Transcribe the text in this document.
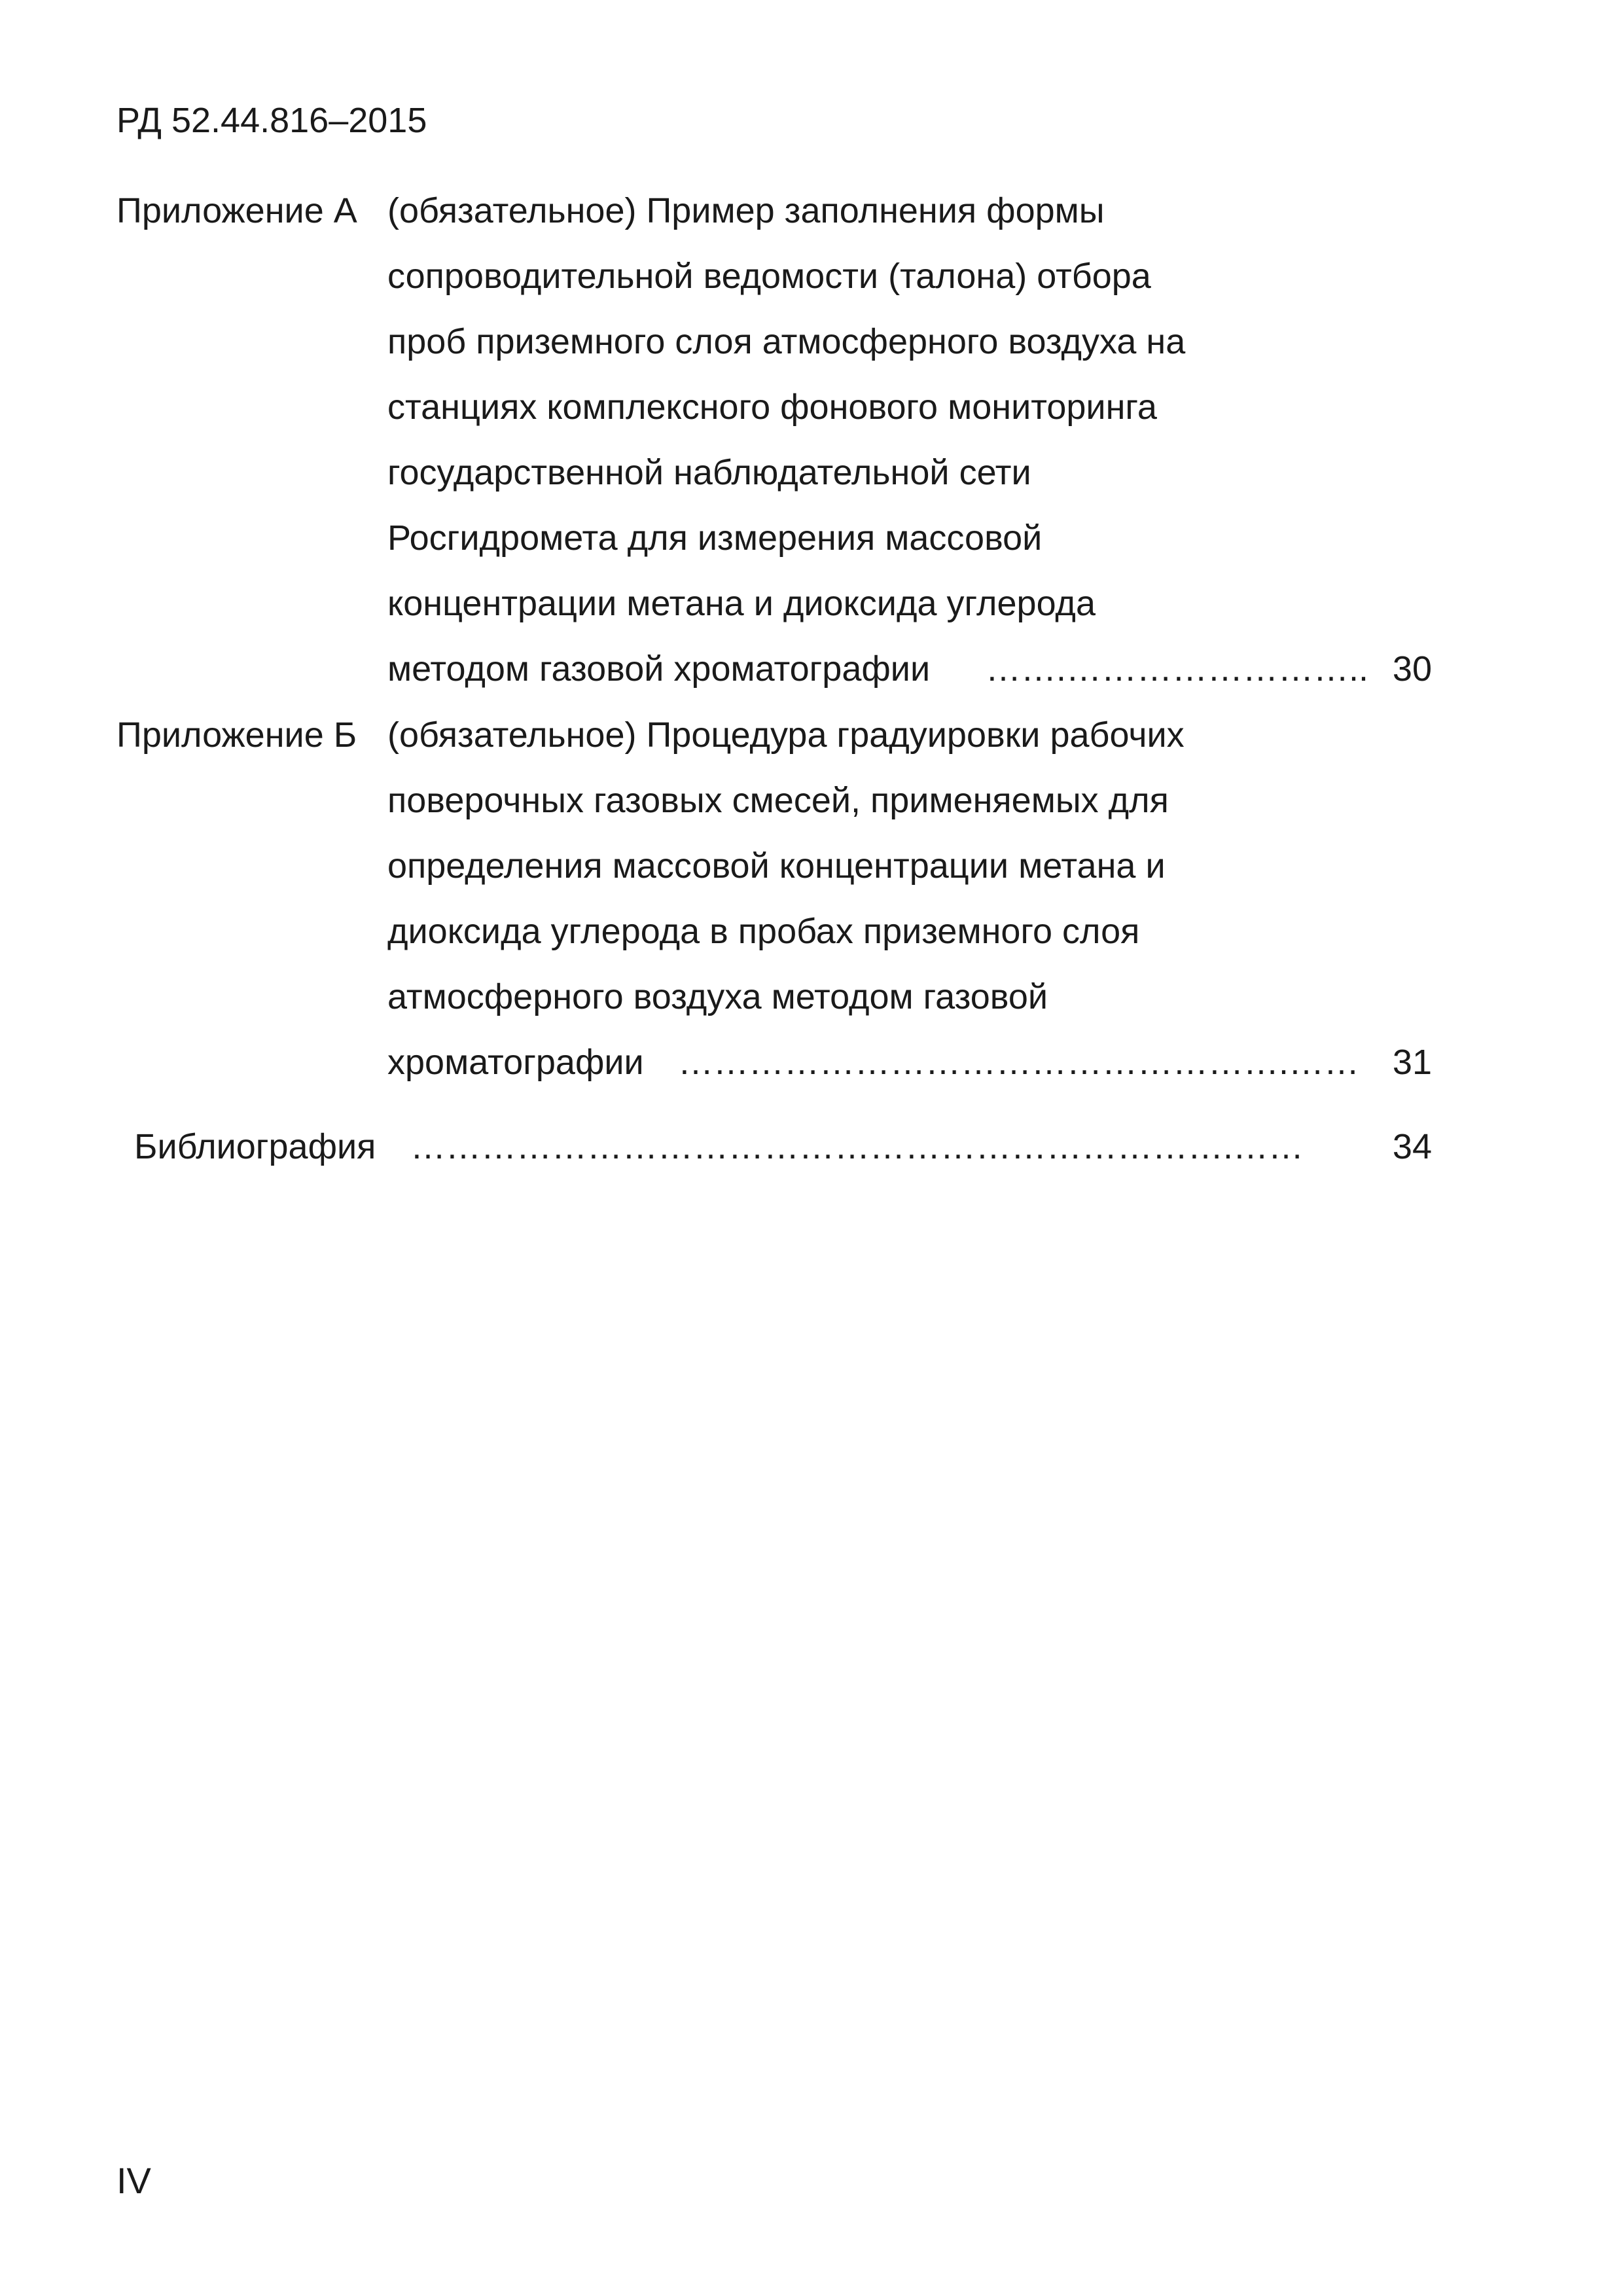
РД 52.44.816–2015
Приложение А (обязательное) Пример заполнения формы
сопроводительной ведомости (талона) отбора
проб приземного слоя атмосферного воздуха на
станциях комплексного фонового мониторинга
государственной наблюдательной сети
Росгидромета для измерения массовой
концентрации метана и диоксида углерода
методом газовой хроматографии …….…………………….. 30
Приложение Б (обязательное) Процедура градуировки рабочих
поверочных газовых смесей, применяемых для
определения массовой концентрации метана и
диоксида углерода в пробах приземного слоя
атмосферного воздуха методом газовой
хроматографии …………………………………………….…… 31
Библиография …………………………………………………………….……	34
IV
